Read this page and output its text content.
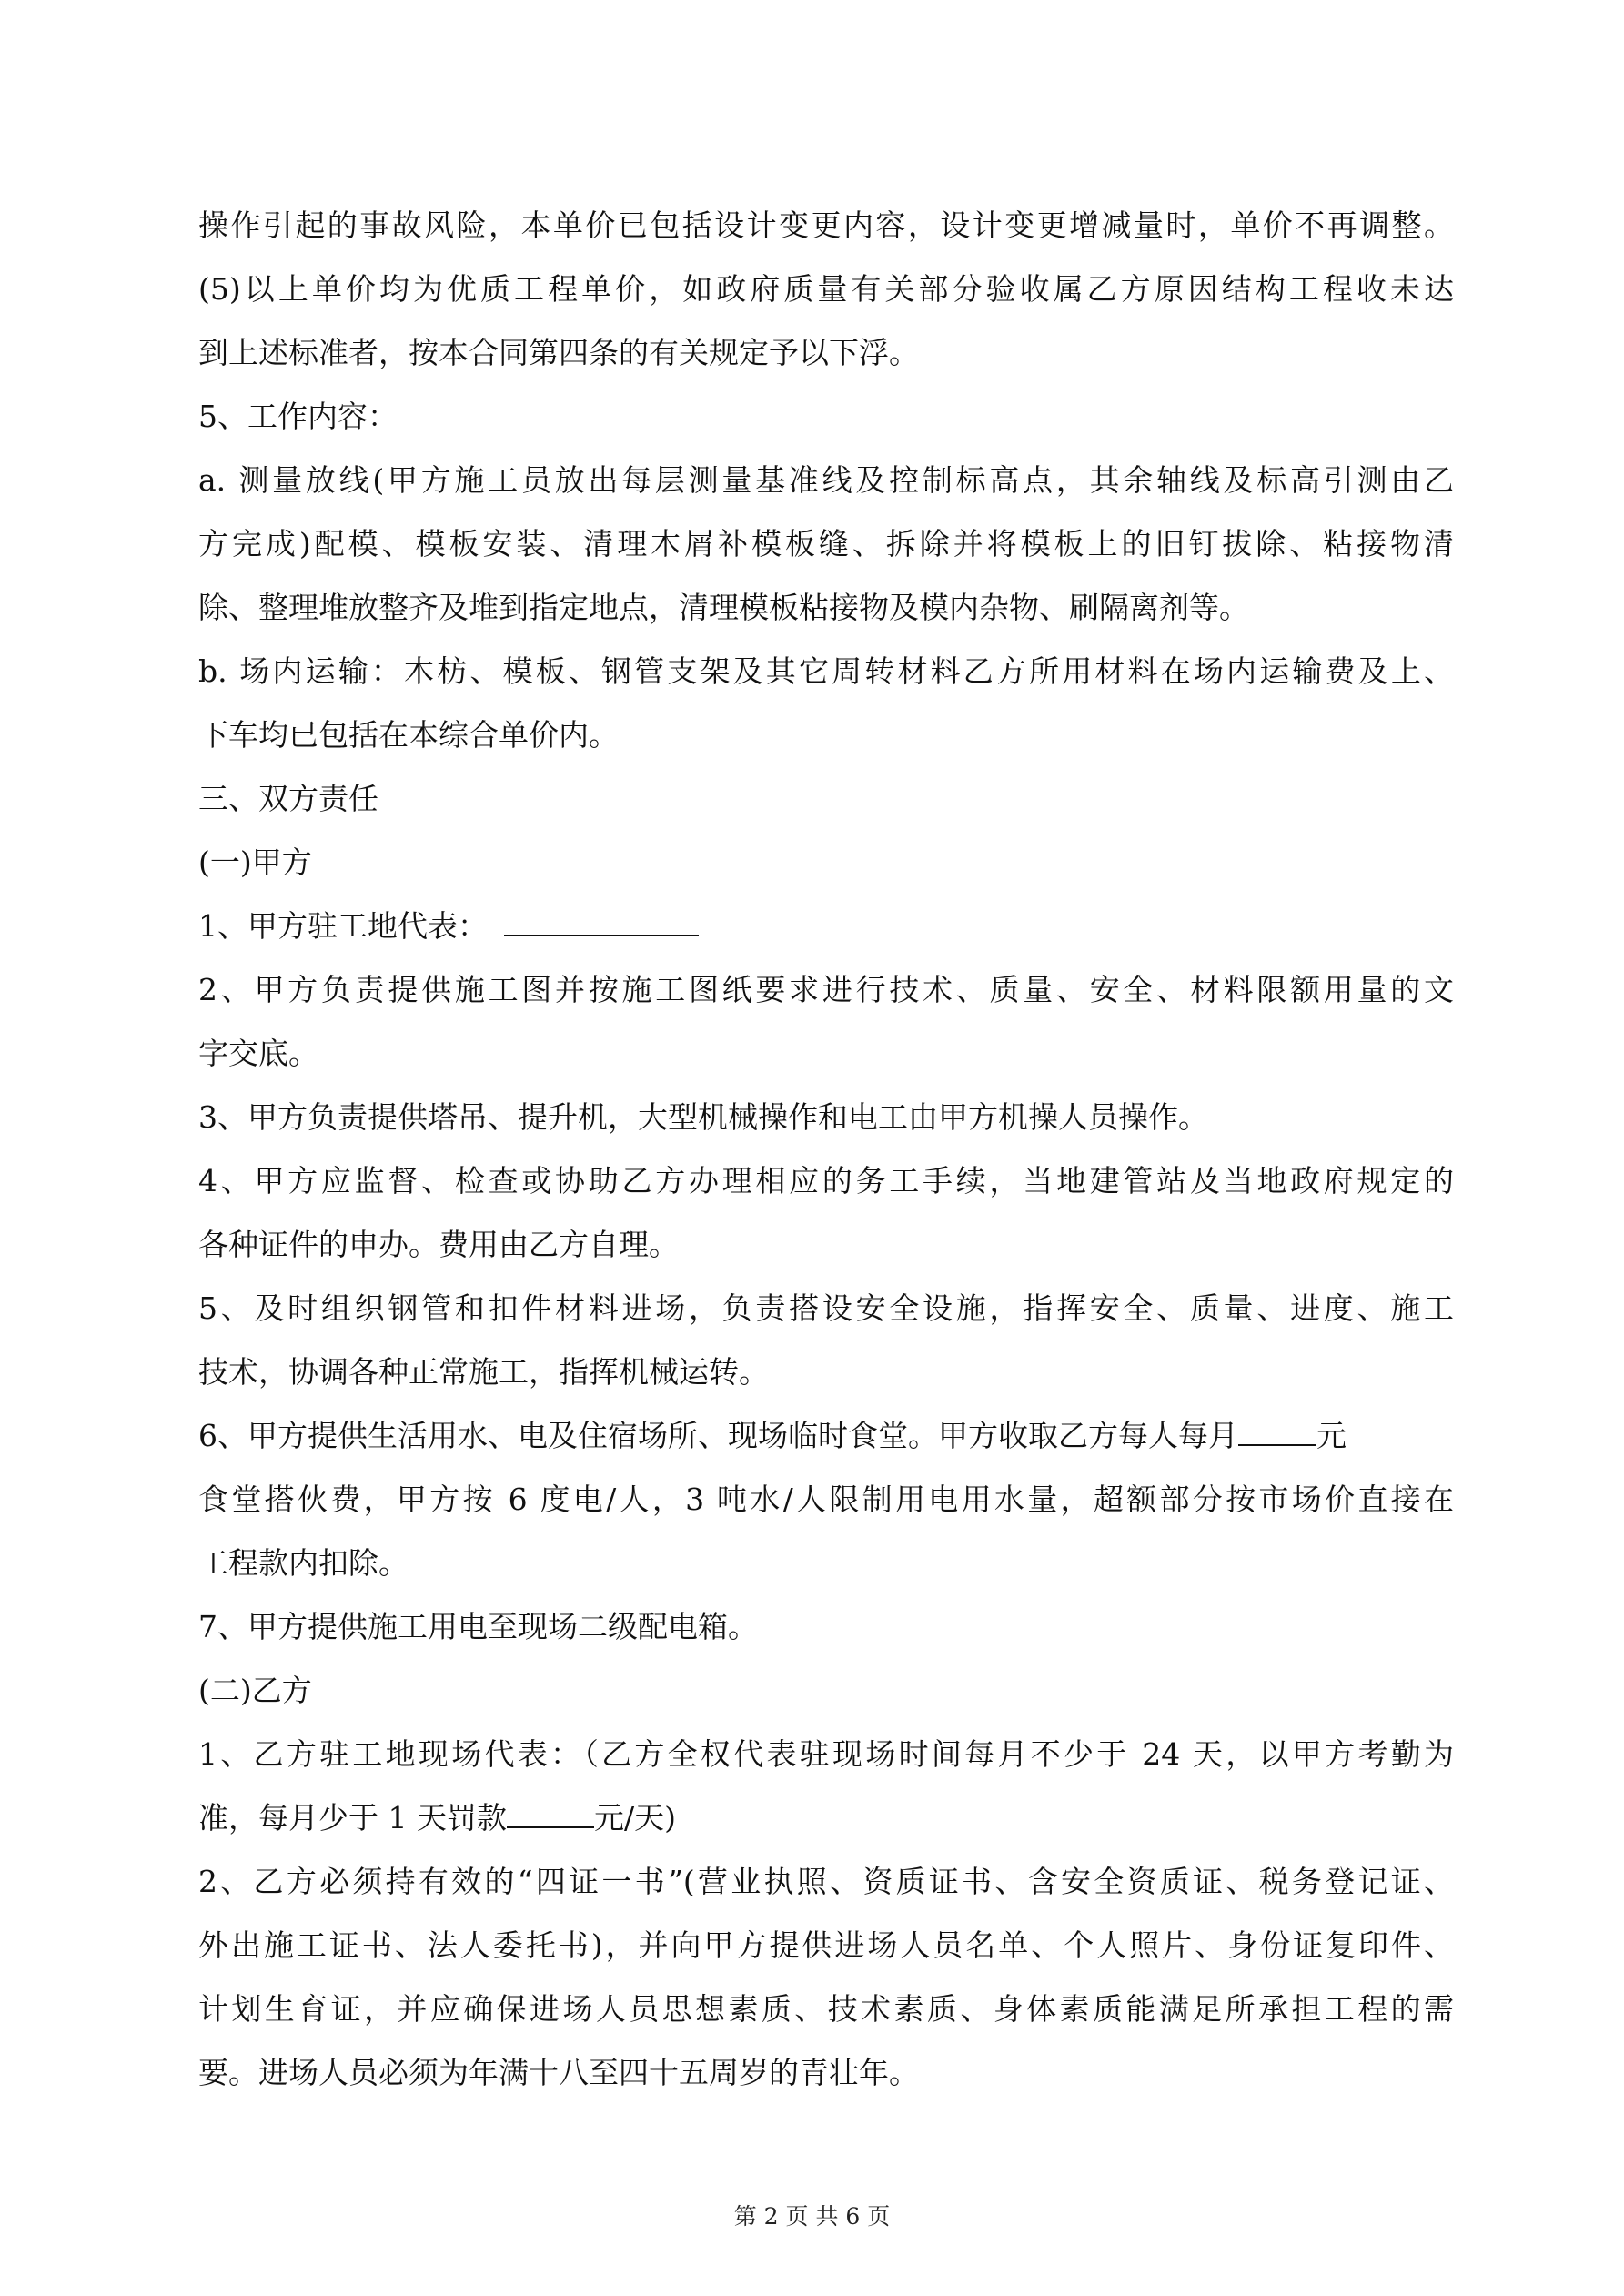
操作引起的事故风险，本单价已包括设计变更内容，设计变更增减量时，单价不再调整。
(5)以上单价均为优质工程单价，如政府质量有关部分验收属乙方原因结构工程收未达
到上述标准者，按本合同第四条的有关规定予以下浮。
5、工作内容：
a. 测量放线(甲方施工员放出每层测量基准线及控制标高点，其余轴线及标高引测由乙
方完成)配模、模板安装、清理木屑补模板缝、拆除并将模板上的旧钉拔除、粘接物清
除、整理堆放整齐及堆到指定地点，清理模板粘接物及模内杂物、刷隔离剂等。
b. 场内运输：木枋、模板、钢管支架及其它周转材料乙方所用材料在场内运输费及上、
下车均已包括在本综合单价内。
三、双方责任
(一)甲方
1、甲方驻工地代表：
2、甲方负责提供施工图并按施工图纸要求进行技术、质量、安全、材料限额用量的文
字交底。
3、甲方负责提供塔吊、提升机，大型机械操作和电工由甲方机操人员操作。
4、甲方应监督、检查或协助乙方办理相应的务工手续，当地建管站及当地政府规定的
各种证件的申办。费用由乙方自理。
5、及时组织钢管和扣件材料进场，负责搭设安全设施，指挥安全、质量、进度、施工
技术，协调各种正常施工，指挥机械运转。
6、甲方提供生活用水、电及住宿场所、现场临时食堂。甲方收取乙方每人每月	元
食堂搭伙费，甲方按 6 度电/人，3 吨水/人限制用电用水量，超额部分按市场价直接在
工程款内扣除。
7、甲方提供施工用电至现场二级配电箱。
(二)乙方
1、乙方驻工地现场代表：（乙方全权代表驻现场时间每月不少于 24 天，以甲方考勤为
准，每月少于 1 天罚款	元/天)
2、乙方必须持有效的“四证一书”(营业执照、资质证书、含安全资质证、税务登记证、
外出施工证书、法人委托书)，并向甲方提供进场人员名单、个人照片、身份证复印件、
计划生育证，并应确保进场人员思想素质、技术素质、身体素质能满足所承担工程的需
要。进场人员必须为年满十八至四十五周岁的青壮年。
第 2 页 共 6 页
